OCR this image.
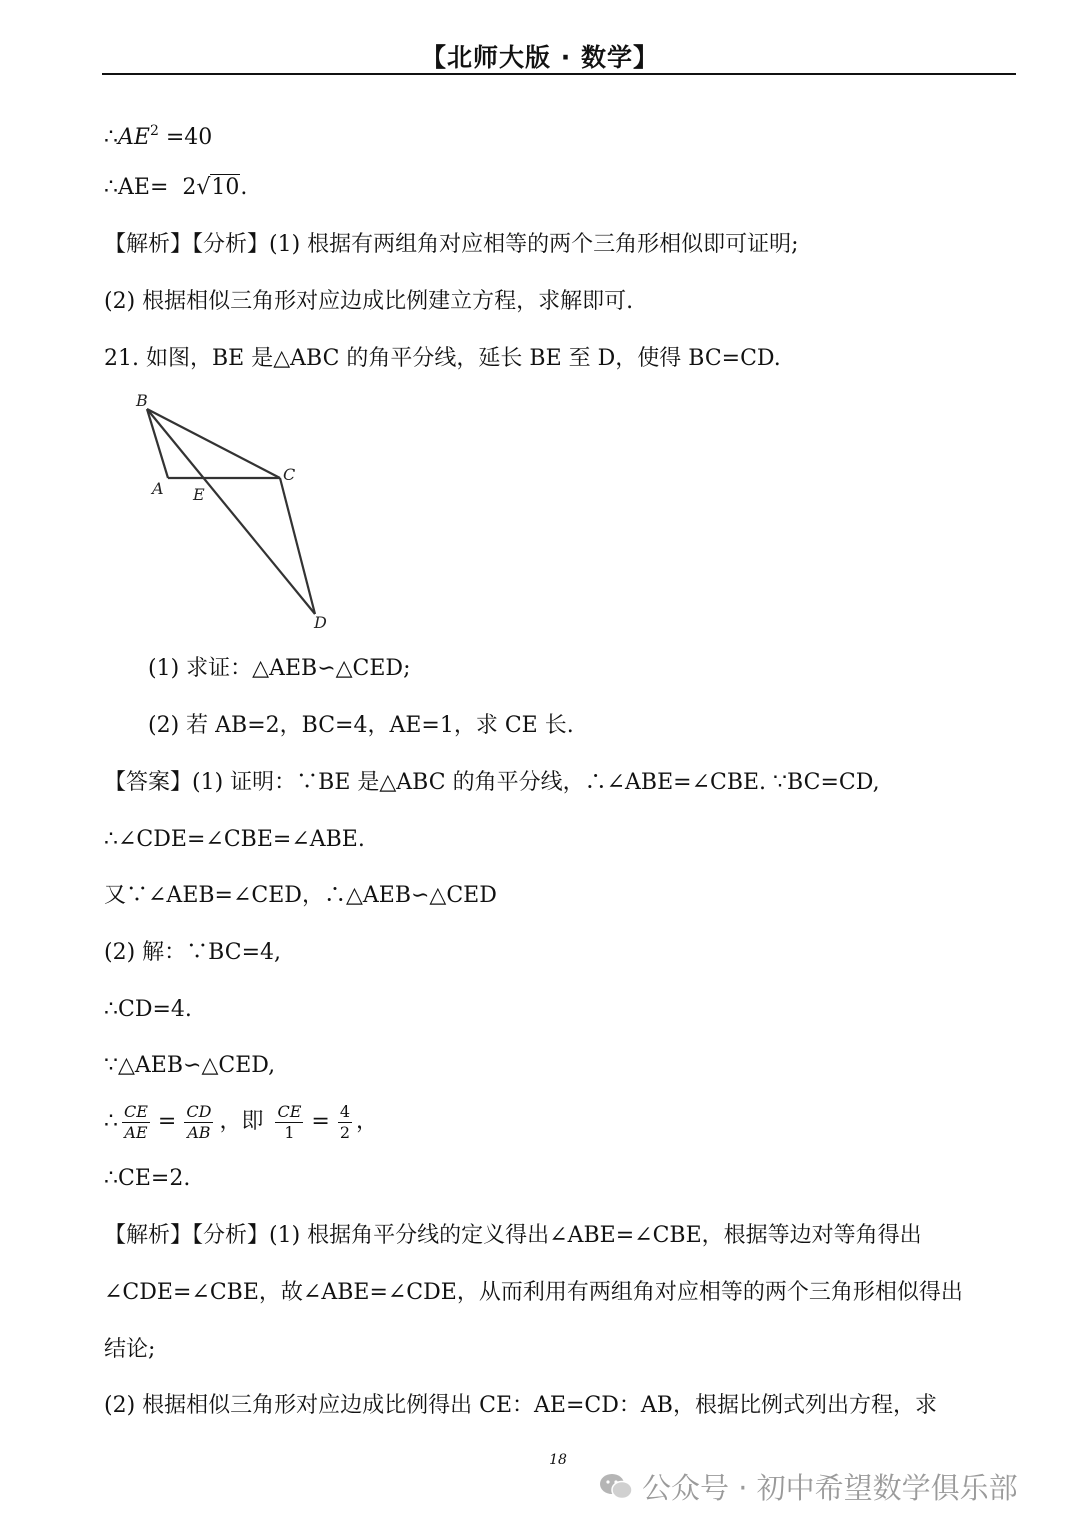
【北师大版 · 数学】
$\therefore AE^2 =40$
∴AE=  2√10.
【解析】【分析】(1) 根据有两组角对应相等的两个三角形相似即可证明;
(2) 根据相似三角形对应边成比例建立方程，求解即可.
21. 如图，BE 是△ABC 的角平分线，延长 BE 至 D，使得 BC=CD.
B
A E
C
D
(1) 求证：△AEB∽△CED;
(2) 若 AB=2，BC=4，AE=1，求 CE 长.
【答案】(1) 证明：∵BE 是△ABC 的角平分线，∴∠ABE=∠CBE. ∵BC=CD,
∴∠CDE=∠CBE=∠ABE.
又∵∠AEB=∠CED，∴△AEB∽△CED
(2) 解：∵BC=4,
∴CD=4.
∵△AEB∽△CED,
∴ $\frac{CE}{AE} = \frac{CD}{AB}$ ，即 $\frac{CE}{1} = \frac{4}{2}$ ，
∴CE=2.
【解析】【分析】(1) 根据角平分线的定义得出∠ABE=∠CBE，根据等边对等角得出
∠CDE=∠CBE，故∠ABE=∠CDE，从而利用有两组角对应相等的两个三角形相似得出
结论;
(2) 根据相似三角形对应边成比例得出 CE：AE=CD：AB，根据比例式列出方程，求
18
公众号 · 初中希望数学俱乐部
